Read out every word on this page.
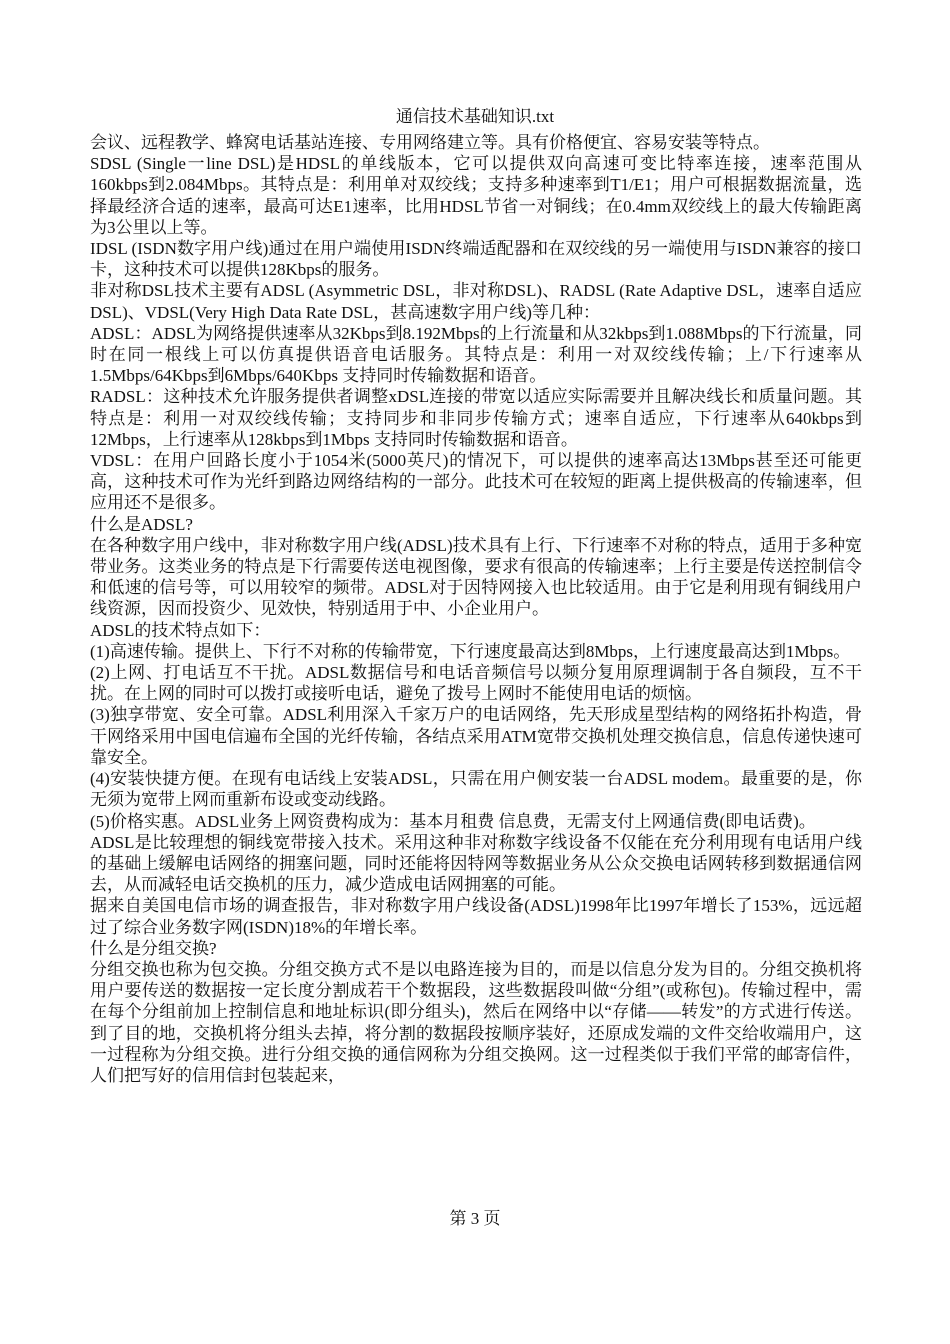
通信技术基础知识.txt

会议、远程教学、蜂窝电话基站连接、专用网络建立等。具有价格便宜、容易安装等特点。

SDSL (Single一line DSL)是HDSL的单线版本，它可以提供双向高速可变比特率连接，速率范围从160kbps到2.084Mbps。其特点是：利用单对双绞线；支持多种速率到T1/E1；用户可根据数据流量，选择最经济合适的速率，最高可达E1速率，比用HDSL节省一对铜线；在0.4mm双绞线上的最大传输距离为3公里以上等。

IDSL (ISDN数字用户线)通过在用户端使用ISDN终端适配器和在双绞线的另一端使用与ISDN兼容的接口卡，这种技术可以提供128Kbps的服务。

非对称DSL技术主要有ADSL (Asymmetric DSL，非对称DSL)、RADSL (Rate Adaptive DSL，速率自适应DSL)、VDSL(Very High Data Rate DSL，甚高速数字用户线)等几种：

ADSL：ADSL为网络提供速率从32Kbps到8.192Mbps的上行流量和从32kbps到1.088Mbps的下行流量，同时在同一根线上可以仿真提供语音电话服务。其特点是：利用一对双绞线传输；上/下行速率从1.5Mbps/64Kbps到6Mbps/640Kbps 支持同时传输数据和语音。

RADSL：这种技术允许服务提供者调整xDSL连接的带宽以适应实际需要并且解决线长和质量问题。其特点是：利用一对双绞线传输；支持同步和非同步传输方式；速率自适应，下行速率从640kbps到12Mbps，上行速率从128kbps到1Mbps 支持同时传输数据和语音。

VDSL：在用户回路长度小于1054米(5000英尺)的情况下，可以提供的速率高达13Mbps甚至还可能更高，这种技术可作为光纤到路边网络结构的一部分。此技术可在较短的距离上提供极高的传输速率，但应用还不是很多。

什么是ADSL?

在各种数字用户线中，非对称数字用户线(ADSL)技术具有上行、下行速率不对称的特点，适用于多种宽带业务。这类业务的特点是下行需要传送电视图像，要求有很高的传输速率；上行主要是传送控制信令和低速的信号等，可以用较窄的频带。ADSL对于因特网接入也比较适用。由于它是利用现有铜线用户线资源，因而投资少、见效快，特别适用于中、小企业用户。

ADSL的技术特点如下：

(1)高速传输。提供上、下行不对称的传输带宽，下行速度最高达到8Mbps，上行速度最高达到1Mbps。

(2)上网、打电话互不干扰。ADSL数据信号和电话音频信号以频分复用原理调制于各自频段，互不干扰。在上网的同时可以拨打或接听电话，避免了拨号上网时不能使用电话的烦恼。

(3)独享带宽、安全可靠。ADSL利用深入千家万户的电话网络，先天形成星型结构的网络拓扑构造，骨干网络采用中国电信遍布全国的光纤传输，各结点采用ATM宽带交换机处理交换信息，信息传递快速可靠安全。

(4)安装快捷方便。在现有电话线上安装ADSL，只需在用户侧安装一台ADSL modem。最重要的是，你无须为宽带上网而重新布设或变动线路。

(5)价格实惠。ADSL业务上网资费构成为：基本月租费 信息费，无需支付上网通信费(即电话费)。

ADSL是比较理想的铜线宽带接入技术。采用这种非对称数字线设备不仅能在充分利用现有电话用户线的基础上缓解电话网络的拥塞问题，同时还能将因特网等数据业务从公众交换电话网转移到数据通信网去，从而减轻电话交换机的压力，减少造成电话网拥塞的可能。

据来自美国电信市场的调查报告，非对称数字用户线设备(ADSL)1998年比1997年增长了153%，远远超过了综合业务数字网(ISDN)18%的年增长率。

什么是分组交换?

分组交换也称为包交换。分组交换方式不是以电路连接为目的，而是以信息分发为目的。分组交换机将用户要传送的数据按一定长度分割成若干个数据段，这些数据段叫做“分组”(或称包)。传输过程中，需在每个分组前加上控制信息和地址标识(即分组头)，然后在网络中以“存储——转发”的方式进行传送。到了目的地，交换机将分组头去掉，将分割的数据段按顺序装好，还原成发端的文件交给收端用户，这一过程称为分组交换。进行分组交换的通信网称为分组交换网。这一过程类似于我们平常的邮寄信件，人们把写好的信用信封包装起来，

第 3 页
